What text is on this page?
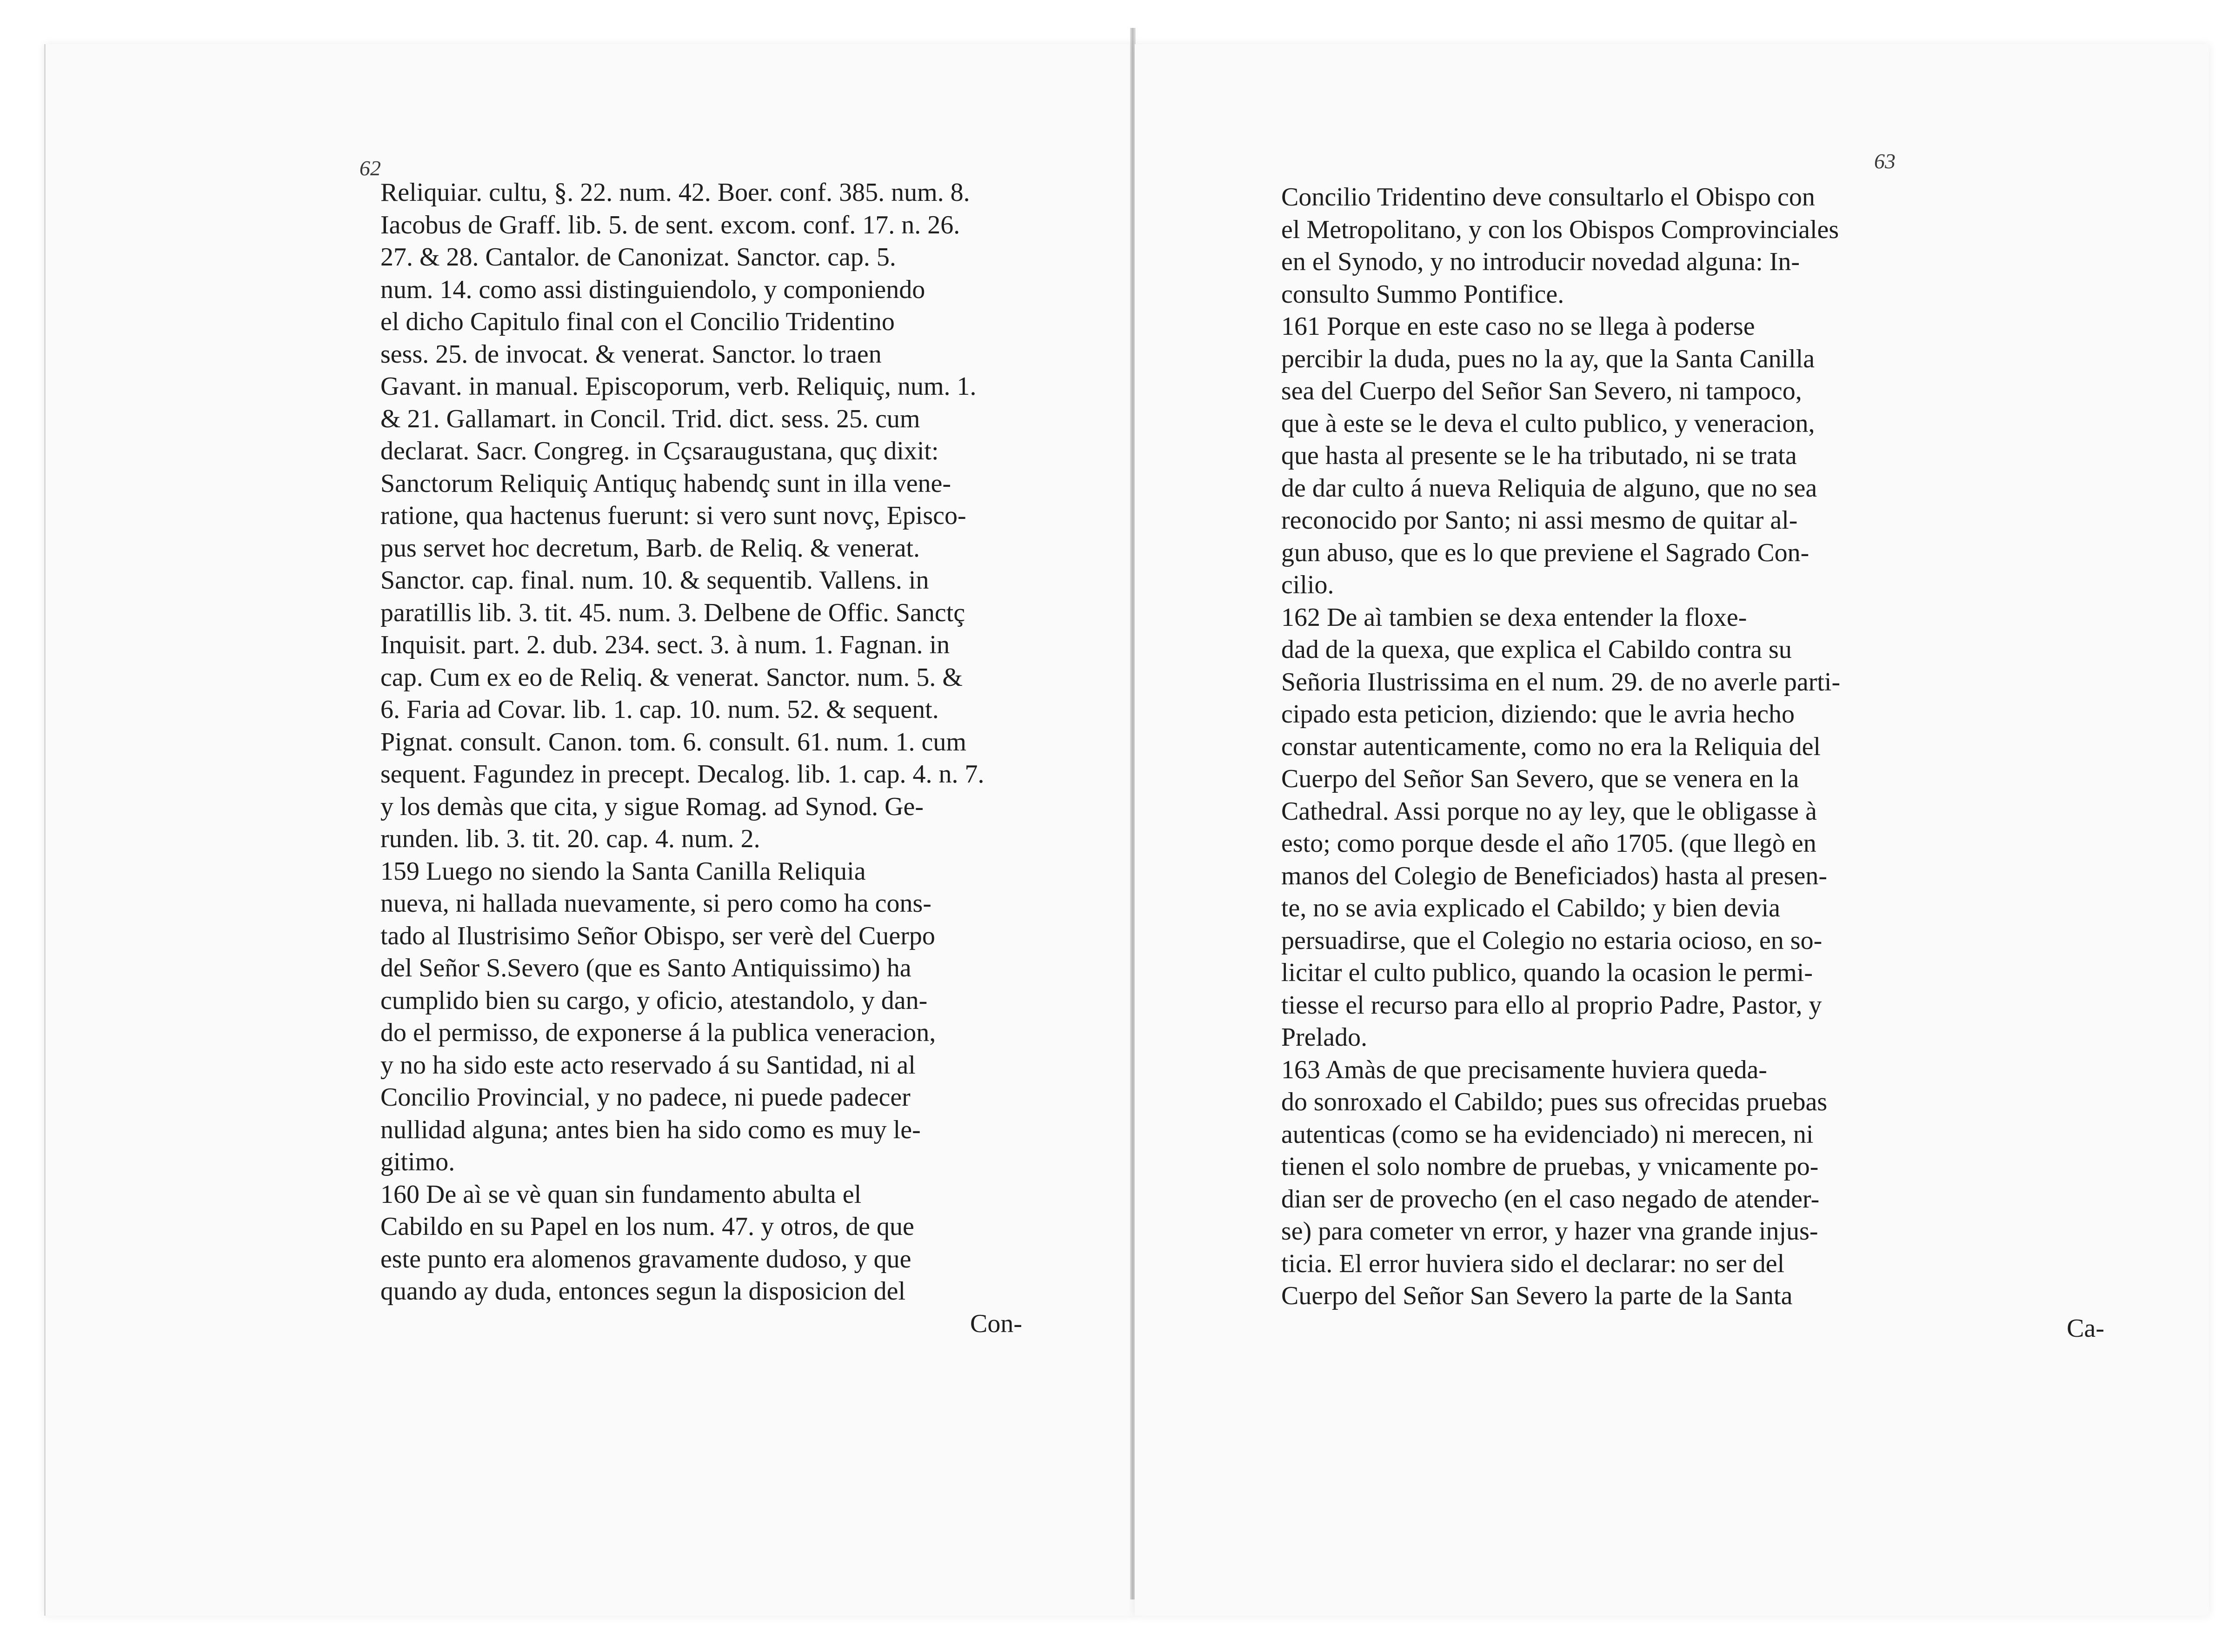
62
Reliquiar. cultu, §. 22. num. 42. Boer. conf. 385. num. 8.
Iacobus de Graff. lib. 5. de sent. excom. conf. 17. n. 26.
27. & 28. Cantalor. de Canonizat. Sanctor. cap. 5.
num. 14. como assi distinguiendolo, y componiendo
el dicho Capitulo final con el Concilio Tridentino
sess. 25. de invocat. & venerat. Sanctor. lo traen
Gavant. in manual. Episcoporum, verb. Reliquiç, num. 1.
& 21. Gallamart. in Concil. Trid. dict. sess. 25. cum
declarat. Sacr. Congreg. in Cçsaraugustana, quç dixit:
Sanctorum Reliquiç Antiquç habendç sunt in illa vene-
ratione, qua hactenus fuerunt: si vero sunt novç, Episco-
pus servet hoc decretum, Barb. de Reliq. & venerat.
Sanctor. cap. final. num. 10. & sequentib. Vallens. in
paratillis lib. 3. tit. 45. num. 3. Delbene de Offic. Sanctç
Inquisit. part. 2. dub. 234. sect. 3. à num. 1. Fagnan. in
cap. Cum ex eo de Reliq. & venerat. Sanctor. num. 5. &
6. Faria ad Covar. lib. 1. cap. 10. num. 52. & sequent.
Pignat. consult. Canon. tom. 6. consult. 61. num. 1. cum
sequent. Fagundez in precept. Decalog. lib. 1. cap. 4. n. 7.
y los demàs que cita, y sigue Romag. ad Synod. Ge-
runden. lib. 3. tit. 20. cap. 4. num. 2.
159 Luego no siendo la Santa Canilla Reliquia
nueva, ni hallada nuevamente, si pero como ha cons-
tado al Ilustrisimo Señor Obispo, ser verè del Cuerpo
del Señor S.Severo (que es Santo Antiquissimo) ha
cumplido bien su cargo, y oficio, atestandolo, y dan-
do el permisso, de exponerse á la publica veneracion,
y no ha sido este acto reservado á su Santidad, ni al
Concilio Provincial, y no padece, ni puede padecer
nullidad alguna; antes bien ha sido como es muy le-
gitimo.
160 De aì se vè quan sin fundamento abulta el
Cabildo en su Papel en los num. 47. y otros, de que
este punto era alomenos gravamente dudoso, y que
quando ay duda, entonces segun la disposicion del
Con-
63
Concilio Tridentino deve consultarlo el Obispo con
el Metropolitano, y con los Obispos Comprovinciales
en el Synodo, y no introducir novedad alguna: In-
consulto Summo Pontifice.
161 Porque en este caso no se llega à poderse
percibir la duda, pues no la ay, que la Santa Canilla
sea del Cuerpo del Señor San Severo, ni tampoco,
que à este se le deva el culto publico, y veneracion,
que hasta al presente se le ha tributado, ni se trata
de dar culto á nueva Reliquia de alguno, que no sea
reconocido por Santo; ni assi mesmo de quitar al-
gun abuso, que es lo que previene el Sagrado Con-
cilio.
162 De aì tambien se dexa entender la floxe-
dad de la quexa, que explica el Cabildo contra su
Señoria Ilustrissima en el num. 29. de no averle parti-
cipado esta peticion, diziendo: que le avria hecho
constar autenticamente, como no era la Reliquia del
Cuerpo del Señor San Severo, que se venera en la
Cathedral. Assi porque no ay ley, que le obligasse à
esto; como porque desde el año 1705. (que llegò en
manos del Colegio de Beneficiados) hasta al presen-
te, no se avia explicado el Cabildo; y bien devia
persuadirse, que el Colegio no estaria ocioso, en so-
licitar el culto publico, quando la ocasion le permi-
tiesse el recurso para ello al proprio Padre, Pastor, y
Prelado.
163 Amàs de que precisamente huviera queda-
do sonroxado el Cabildo; pues sus ofrecidas pruebas
autenticas (como se ha evidenciado) ni merecen, ni
tienen el solo nombre de pruebas, y vnicamente po-
dian ser de provecho (en el caso negado de atender-
se) para cometer vn error, y hazer vna grande injus-
ticia. El error huviera sido el declarar: no ser del
Cuerpo del Señor San Severo la parte de la Santa
Ca-
